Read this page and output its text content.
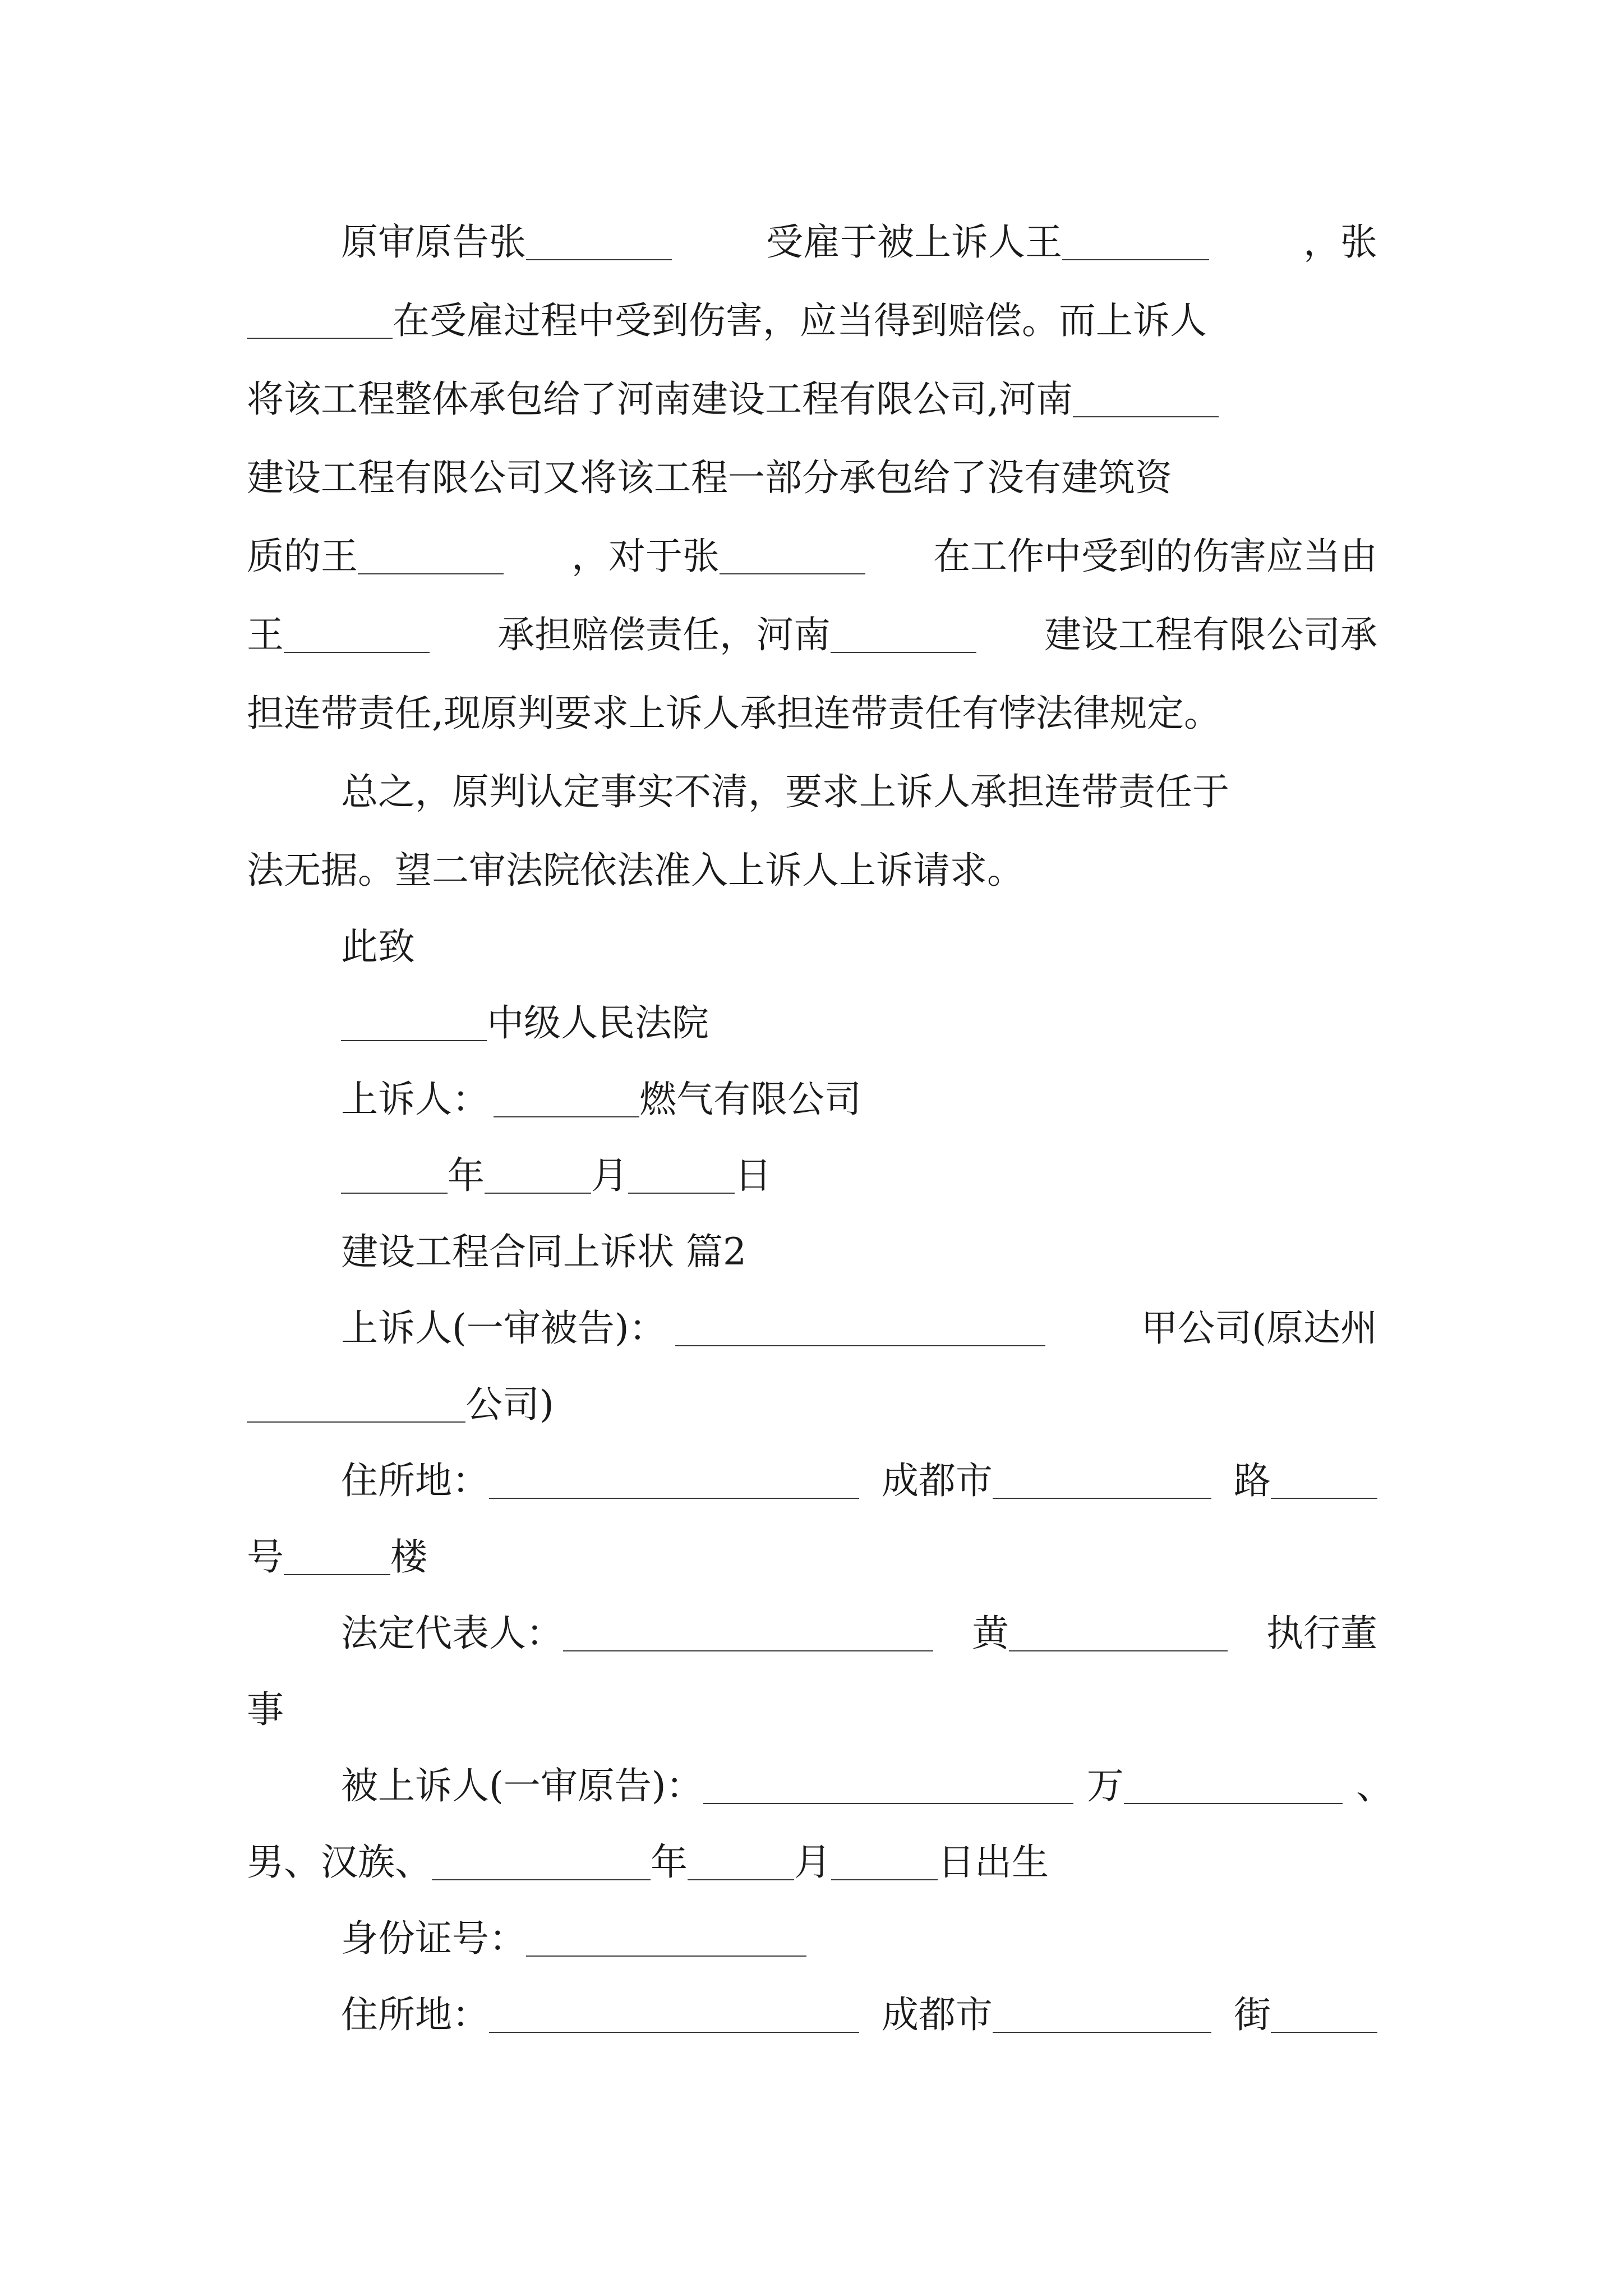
原审原告张	受雇于被上诉人王	，张
在受雇过程中受到伤害，应当得到赔偿。而上诉人
将该工程整体承包给了河南建设工程有限公司,河南
建设工程有限公司又将该工程一部分承包给了没有建筑资
质的王	，对于张	在工作中受到的伤害应当由
王	承担赔偿责任，河南	建设工程有限公司承
担连带责任,现原判要求上诉人承担连带责任有悖法律规定。
总之，原判认定事实不清，要求上诉人承担连带责任于
法无据。望二审法院依法准入上诉人上诉请求。
此致
中级人民法院
上诉人：	燃气有限公司
年	月	日
建设工程合同上诉状 篇2
上诉人(一审被告)：	甲公司(原达州
公司)
住所地：	成都市	路
号	楼
法定代表人：	黄	执行董
事
被上诉人(一审原告)：	万	、
男、汉族、	年	月	日出生
身份证号：
住所地：	成都市	街
